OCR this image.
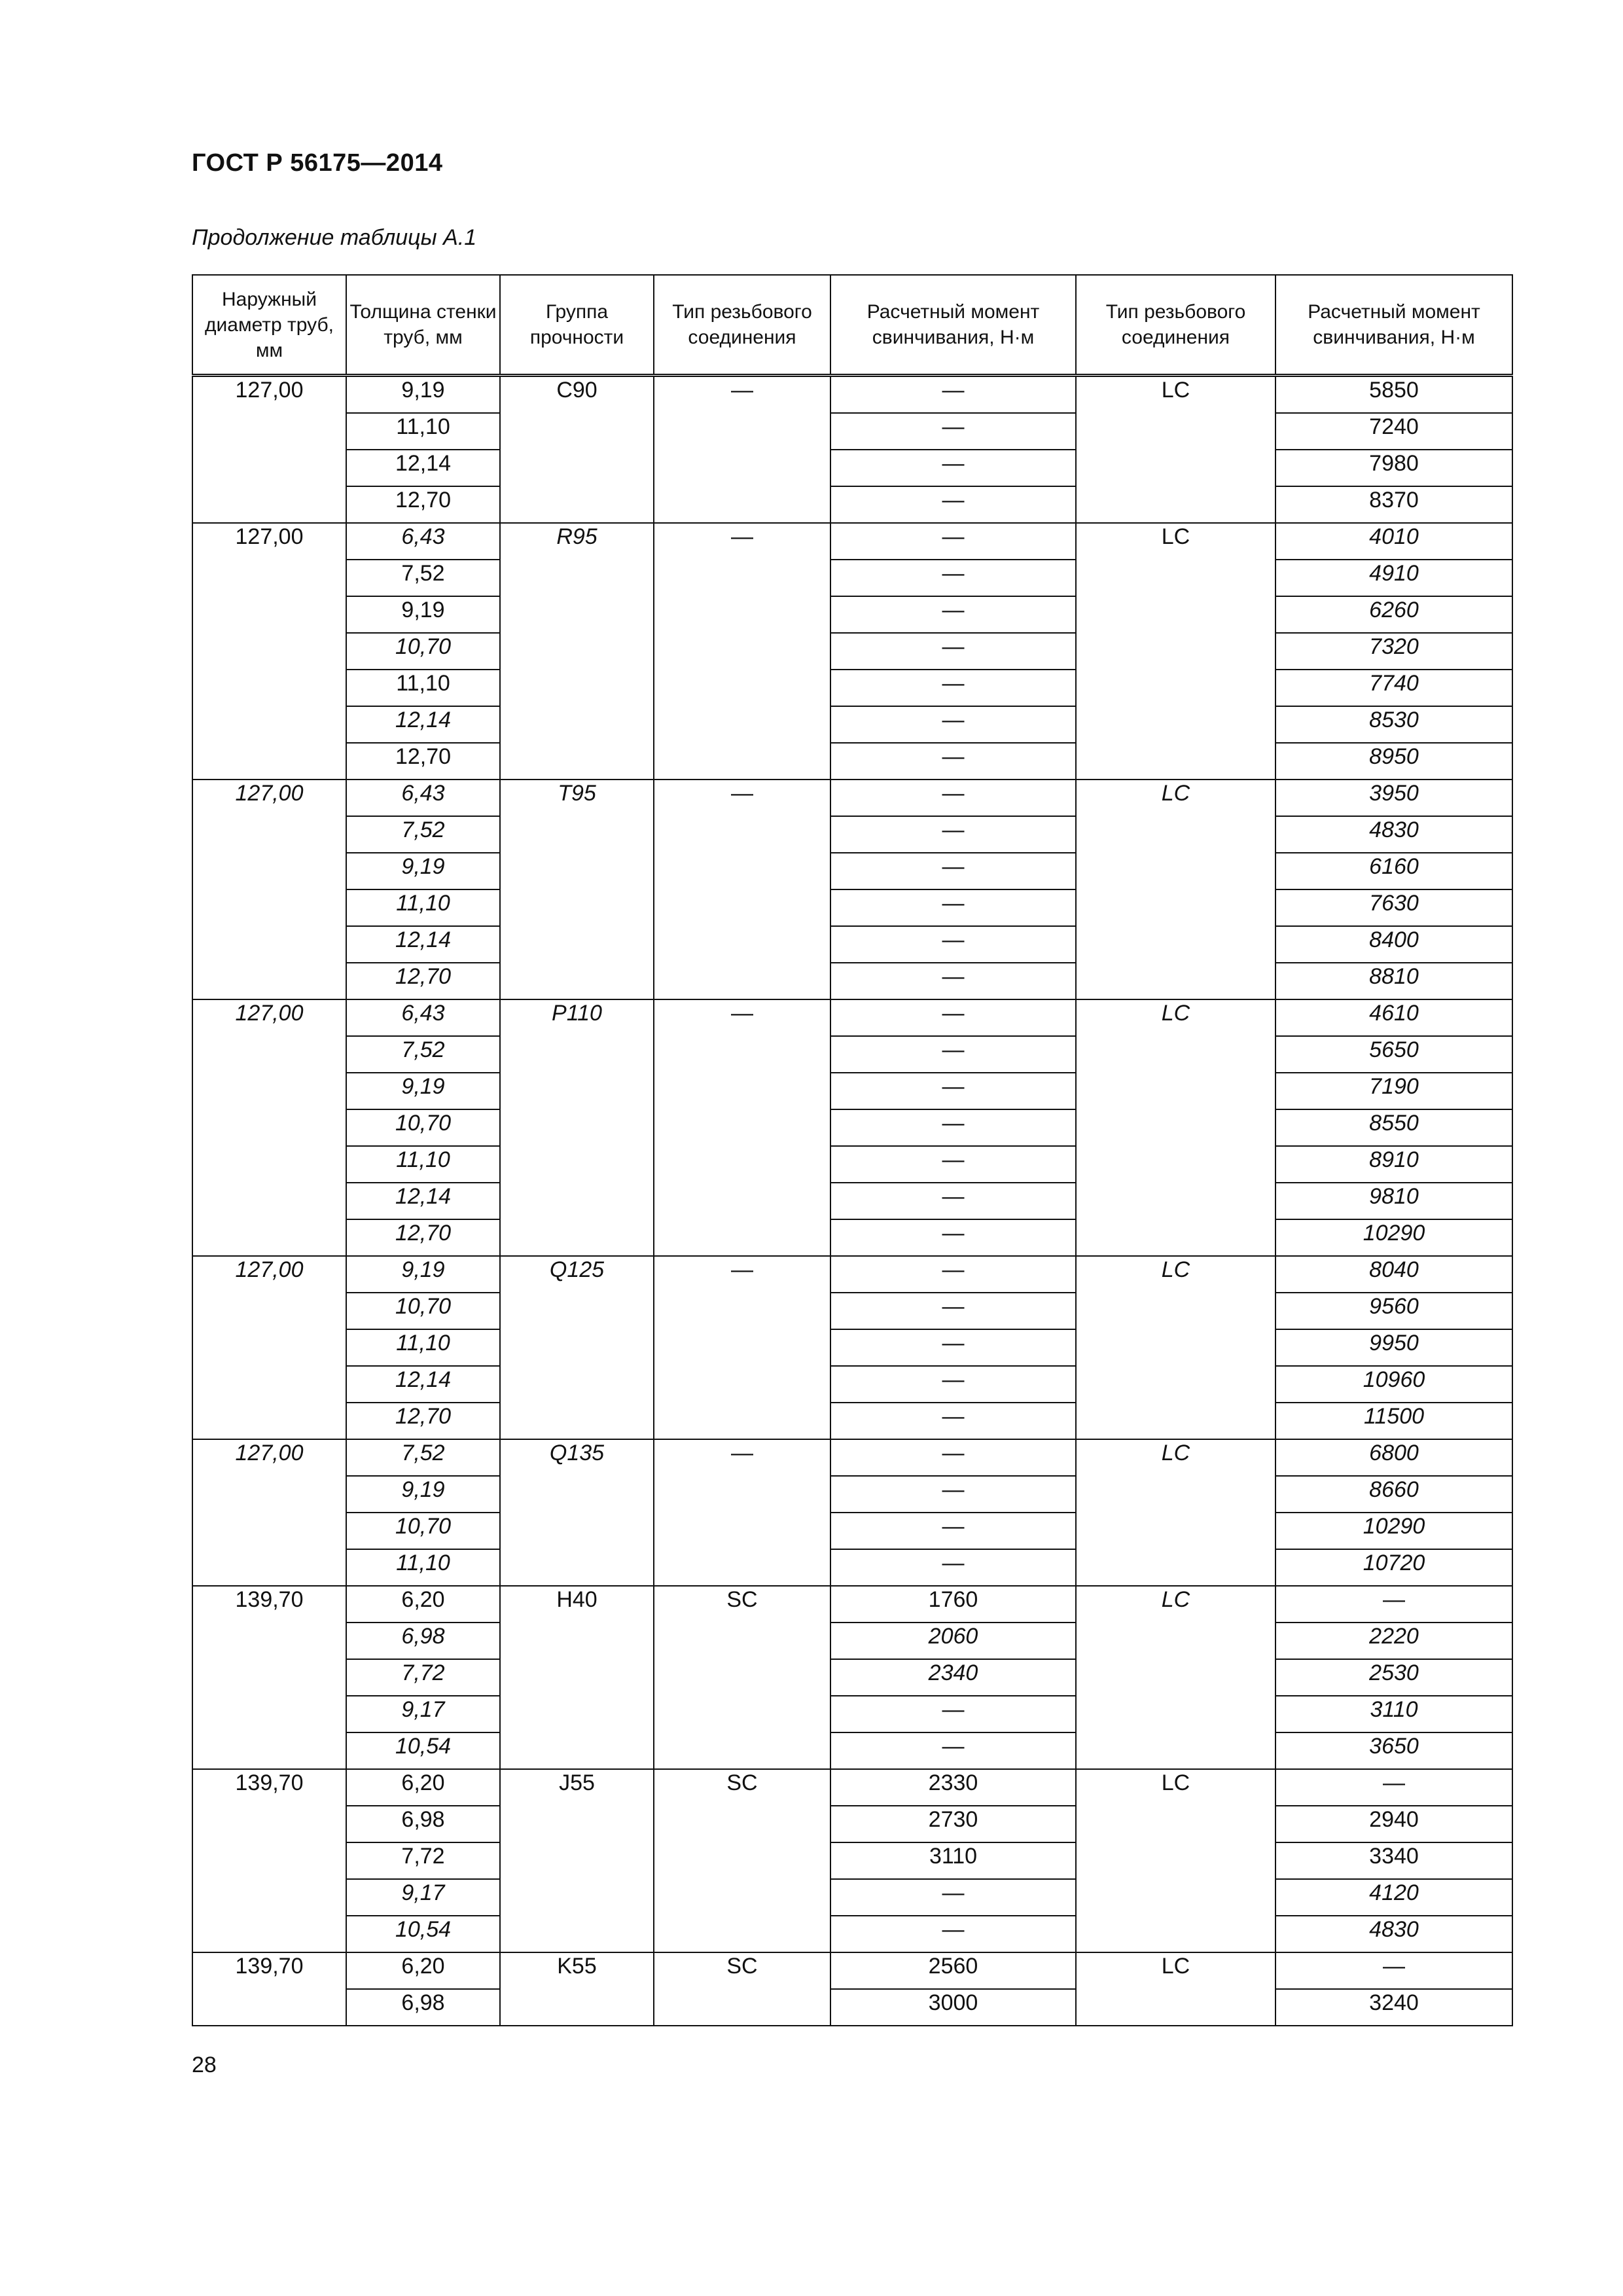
ГОСТ Р 56175—2014
Продолжение таблицы А.1
Наружный диаметр труб, мм	Толщина стенки труб, мм	Группа прочности	Тип резьбового соединения	Расчетный момент свинчивания, Н·м	Тип резьбового соединения	Расчетный момент свинчивания, Н·м
127,00	9,19	С90	—	—	LC	5850
	11,10			—		7240
	12,14			—		7980
	12,70			—		8370
127,00	6,43	R95	—	—	LC	4010
	7,52			—		4910
	9,19			—		6260
	10,70			—		7320
	11,10			—		7740
	12,14			—		8530
	12,70			—		8950
127,00	6,43	Т95	—	—	LC	3950
	7,52			—		4830
	9,19			—		6160
	11,10			—		7630
	12,14			—		8400
	12,70			—		8810
127,00	6,43	Р110	—	—	LC	4610
	7,52			—		5650
	9,19			—		7190
	10,70			—		8550
	11,10			—		8910
	12,14			—		9810
	12,70			—		10290
127,00	9,19	Q125	—	—	LC	8040
	10,70			—		9560
	11,10			—		9950
	12,14			—		10960
	12,70			—		11500
127,00	7,52	Q135	—	—	LC	6800
	9,19			—		8660
	10,70			—		10290
	11,10			—		10720
139,70	6,20	Н40	SC	1760	LC	—
	6,98			2060		2220
	7,72			2340		2530
	9,17			—		3110
	10,54			—		3650
139,70	6,20	J55	SC	2330	LC	—
	6,98			2730		2940
	7,72			3110		3340
	9,17			—		4120
	10,54			—		4830
139,70	6,20	K55	SC	2560	LC	—
	6,98			3000		3240
28
